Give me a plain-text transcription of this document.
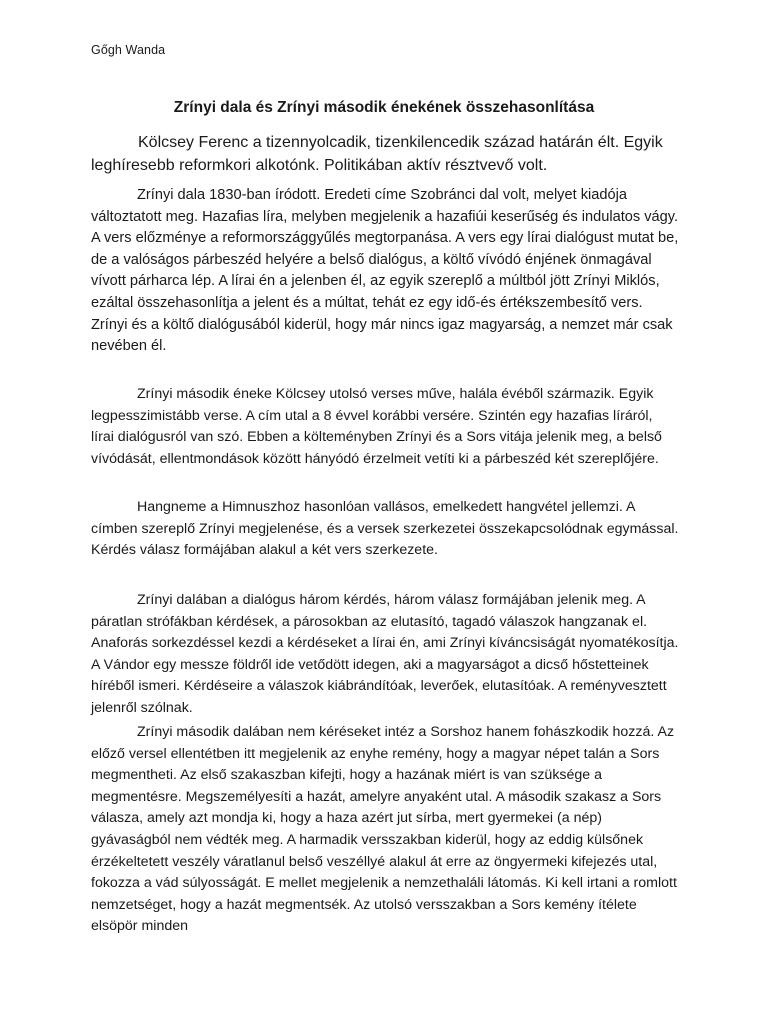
Gőgh Wanda
Zrínyi dala és Zrínyi második énekének összehasonlítása

Kölcsey Ferenc a tizennyolcadik, tizenkilencedik század határán élt. Egyik leghíresebb reformkori alkotónk. Politikában aktív résztvevő volt.

Zrínyi dala 1830-ban íródott. Eredeti címe Szobránci dal volt, melyet kiadója változtatott meg. Hazafias líra, melyben megjelenik a hazafiúi keserűség és indulatos vágy. A vers előzménye a reformországgyűlés megtorpanása. A vers egy lírai dialógust mutat be, de a valóságos párbeszéd helyére a belső dialógus, a költő vívódó énjének önmagával vívott párharca lép. A lírai én a jelenben él, az egyik szereplő a múltból jött Zrínyi Miklós, ezáltal összehasonlítja a jelent és a múltat, tehát ez egy idő-és értékszembesítő vers. Zrínyi és a költő dialógusából kiderül, hogy már nincs igaz magyarság, a nemzet már csak nevében él.

Zrínyi második éneke Kölcsey utolsó verses műve, halála évéből származik. Egyik legpesszimistább verse. A cím utal a 8 évvel korábbi versére. Szintén egy hazafias líráról, lírai dialógusról van szó. Ebben a költeményben Zrínyi és a Sors vitája jelenik meg, a belső vívódását, ellentmondások között hányódó érzelmeit vetíti ki a párbeszéd két szereplőjére.

Hangneme a Himnuszhoz hasonlóan vallásos, emelkedett hangvétel jellemzi. A címben szereplő Zrínyi megjelenése, és a versek szerkezetei összekapcsolódnak egymással. Kérdés válasz formájában alakul a két vers szerkezete.

Zrínyi dalában a dialógus három kérdés, három válasz formájában jelenik meg. A páratlan strófákban kérdések, a párosokban az elutasító, tagadó válaszok hangzanak el. Anaforás sorkezdéssel kezdi a kérdéseket a lírai én, ami Zrínyi kíváncsiságát nyomatékosítja. A Vándor egy messze földről ide vetődött idegen, aki a magyarságot a dicső hőstetteinek híréből ismeri. Kérdéseire a válaszok kiábrándítóak, leverőek, elutasítóak. A reményvesztett jelenről szólnak.

Zrínyi második dalában nem kéréseket intéz a Sorshoz hanem fohászkodik hozzá. Az előző versel ellentétben itt megjelenik az enyhe remény, hogy a magyar népet talán a Sors megmentheti. Az első szakaszban kifejti, hogy a hazának miért is van szüksége a megmentésre. Megszemélyesíti a hazát, amelyre anyaként utal. A második szakasz a Sors válasza, amely azt mondja ki, hogy a haza azért jut sírba, mert gyermekei (a nép) gyávaságból nem védték meg. A harmadik versszakban kiderül, hogy az eddig külsőnek érzékeltetett veszély váratlanul belső veszéllyé alakul át erre az öngyermeki kifejezés utal, fokozza a vád súlyosságát. E mellet megjelenik a nemzethaláli látomás. Ki kell irtani a romlott nemzetséget, hogy a hazát megmentsék. Az utolsó versszakban a Sors kemény ítélete elsöpör minden
